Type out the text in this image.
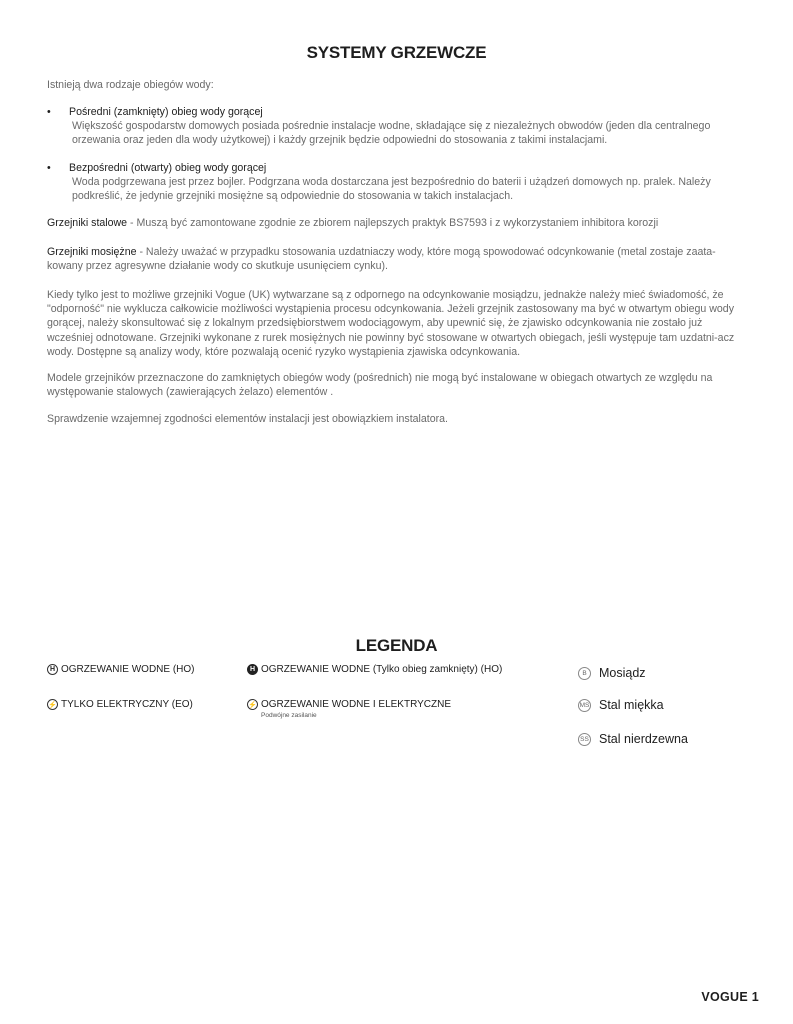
SYSTEMY GRZEWCZE
Istnieją dwa rodzaje obiegów wody:
• Pośredni (zamknięty) obieg wody gorącej
Większość gospodarstw domowych posiada pośrednie instalacje wodne, składające się z niezależnych obwodów (jeden dla centralnego orzewania oraz jeden dla wody użytkowej) i każdy grzejnik będzie odpowiedni do stosowania z takimi instalacjami.
• Bezpośredni (otwarty) obieg wody gorącej
Woda podgrzewana jest przez bojler. Podgrzana woda dostarczana jest bezpośrednio do baterii i użądzeń domowych np. pralek. Należy podkreślić, że jedynie grzejniki mosiężne są odpowiednie do stosowania w takich instalacjach.
Grzejniki stalowe - Muszą być zamontowane zgodnie ze zbiorem najlepszych praktyk BS7593 i z wykorzystaniem inhibitora korozji
Grzejniki mosiężne - Należy uważać w przypadku stosowania uzdatniaczy wody, które mogą spowodować odcynkowanie (metal zostaje zaata-kowany przez agresywne działanie wody co skutkuje usunięciem cynku).
Kiedy tylko jest to możliwe grzejniki Vogue (UK) wytwarzane są z odpornego na odcynkowanie mosiądzu, jednakże należy mieć świadomość, że "odporność" nie wyklucza całkowicie możliwości wystąpienia procesu odcynkowania. Jeżeli grzejnik zastosowany ma być w otwartym obiegu wody gorącej, należy skonsultować się z lokalnym przedsiębiorstwem wodociągowym, aby upewnić się, że zjawisko odcynkowania nie zostało już wcześniej odnotowane. Grzejniki wykonane z rurek mosiężnych nie powinny być stosowane w otwartych obiegach, jeśli występuje tam uzdatni-acz wody. Dostępne są analizy wody, które pozwalają ocenić ryzyko wystąpienia zjawiska odcynkowania.
Modele grzejników przeznaczone do zamkniętych obiegów wody (pośrednich) nie mogą być instalowane w obiegach otwartych ze względu na występowanie stalowych (zawierających żelazo) elementów .
Sprawdzenie wzajemnej zgodności elementów instalacji jest obowiązkiem instalatora.
LEGENDA
H OGRZEWANIE WODNE (HO)	H OGRZEWANIE WODNE (Tylko obieg zamknięty) (HO)
⚡ TYLKO ELEKTRYCZNY (EO)	⚡ OGRZEWANIE WODNE I ELEKTRYCZNE
Podwójne zasilanie
B Mosiądz
MS Stal miękka
SS Stal nierdzewna
VOGUE 1
